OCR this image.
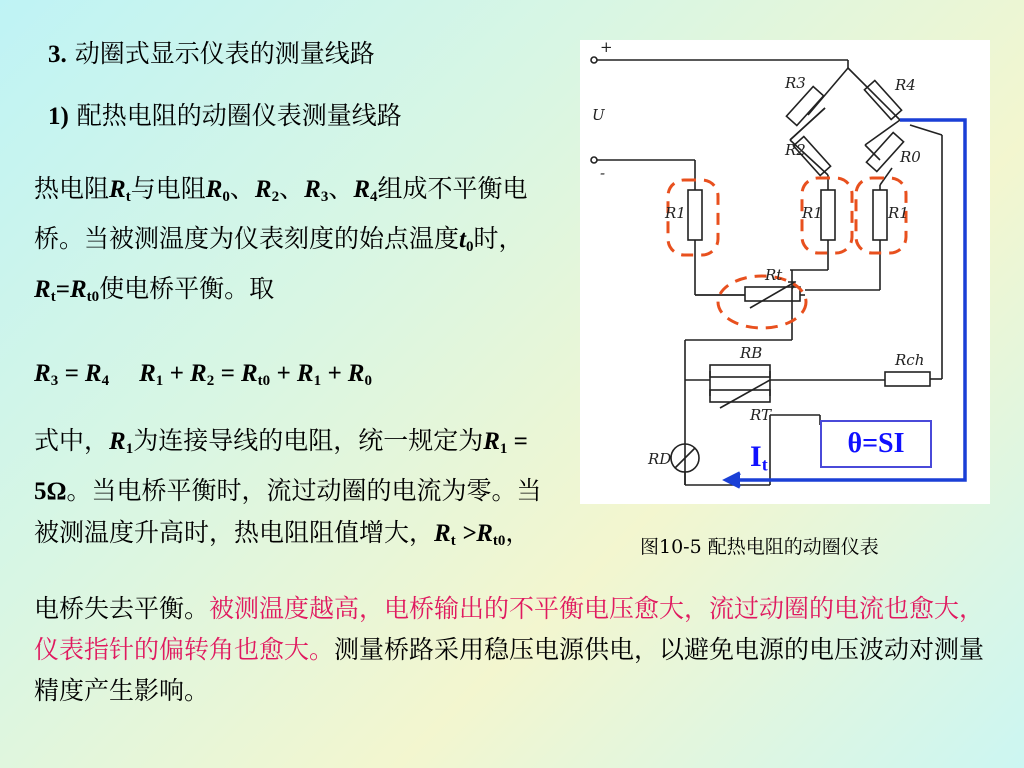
3. 动圈式显示仪表的测量线路
1) 配热电阻的动圈仪表测量线路
热电阻$R_t$与电阻$R_0$、$R_2$、$R_3$、$R_4$组成不平衡电桥。当被测温度为仪表刻度的始点温度$t_0$时，$R_t=R_{t0}$使电桥平衡。取
$R_3 = R_4$ $R_1 + R_2 = R_{t0} + R_1 + R_0$
式中，$R_1$为连接导线的电阻，统一规定为$R_1 = 5\Omega$。当电桥平衡时，流过动圈的电流为零。当被测温度升高时，热电阻阻值增大，$R_t >R_{t0}$，
电桥失去平衡。被测温度越高，电桥输出的不平衡电压愈大，流过动圈的电流也愈大，仪表指针的偏转角也愈大。测量桥路采用稳压电源供电，以避免电源的电压波动对测量精度产生影响。
+
-
U
R3	R4
R2	R0
R1	R1	R1
Rt
RB	Rch
RT
RD	θ=SI
$I_t$
图10-5 配热电阻的动圈仪表
